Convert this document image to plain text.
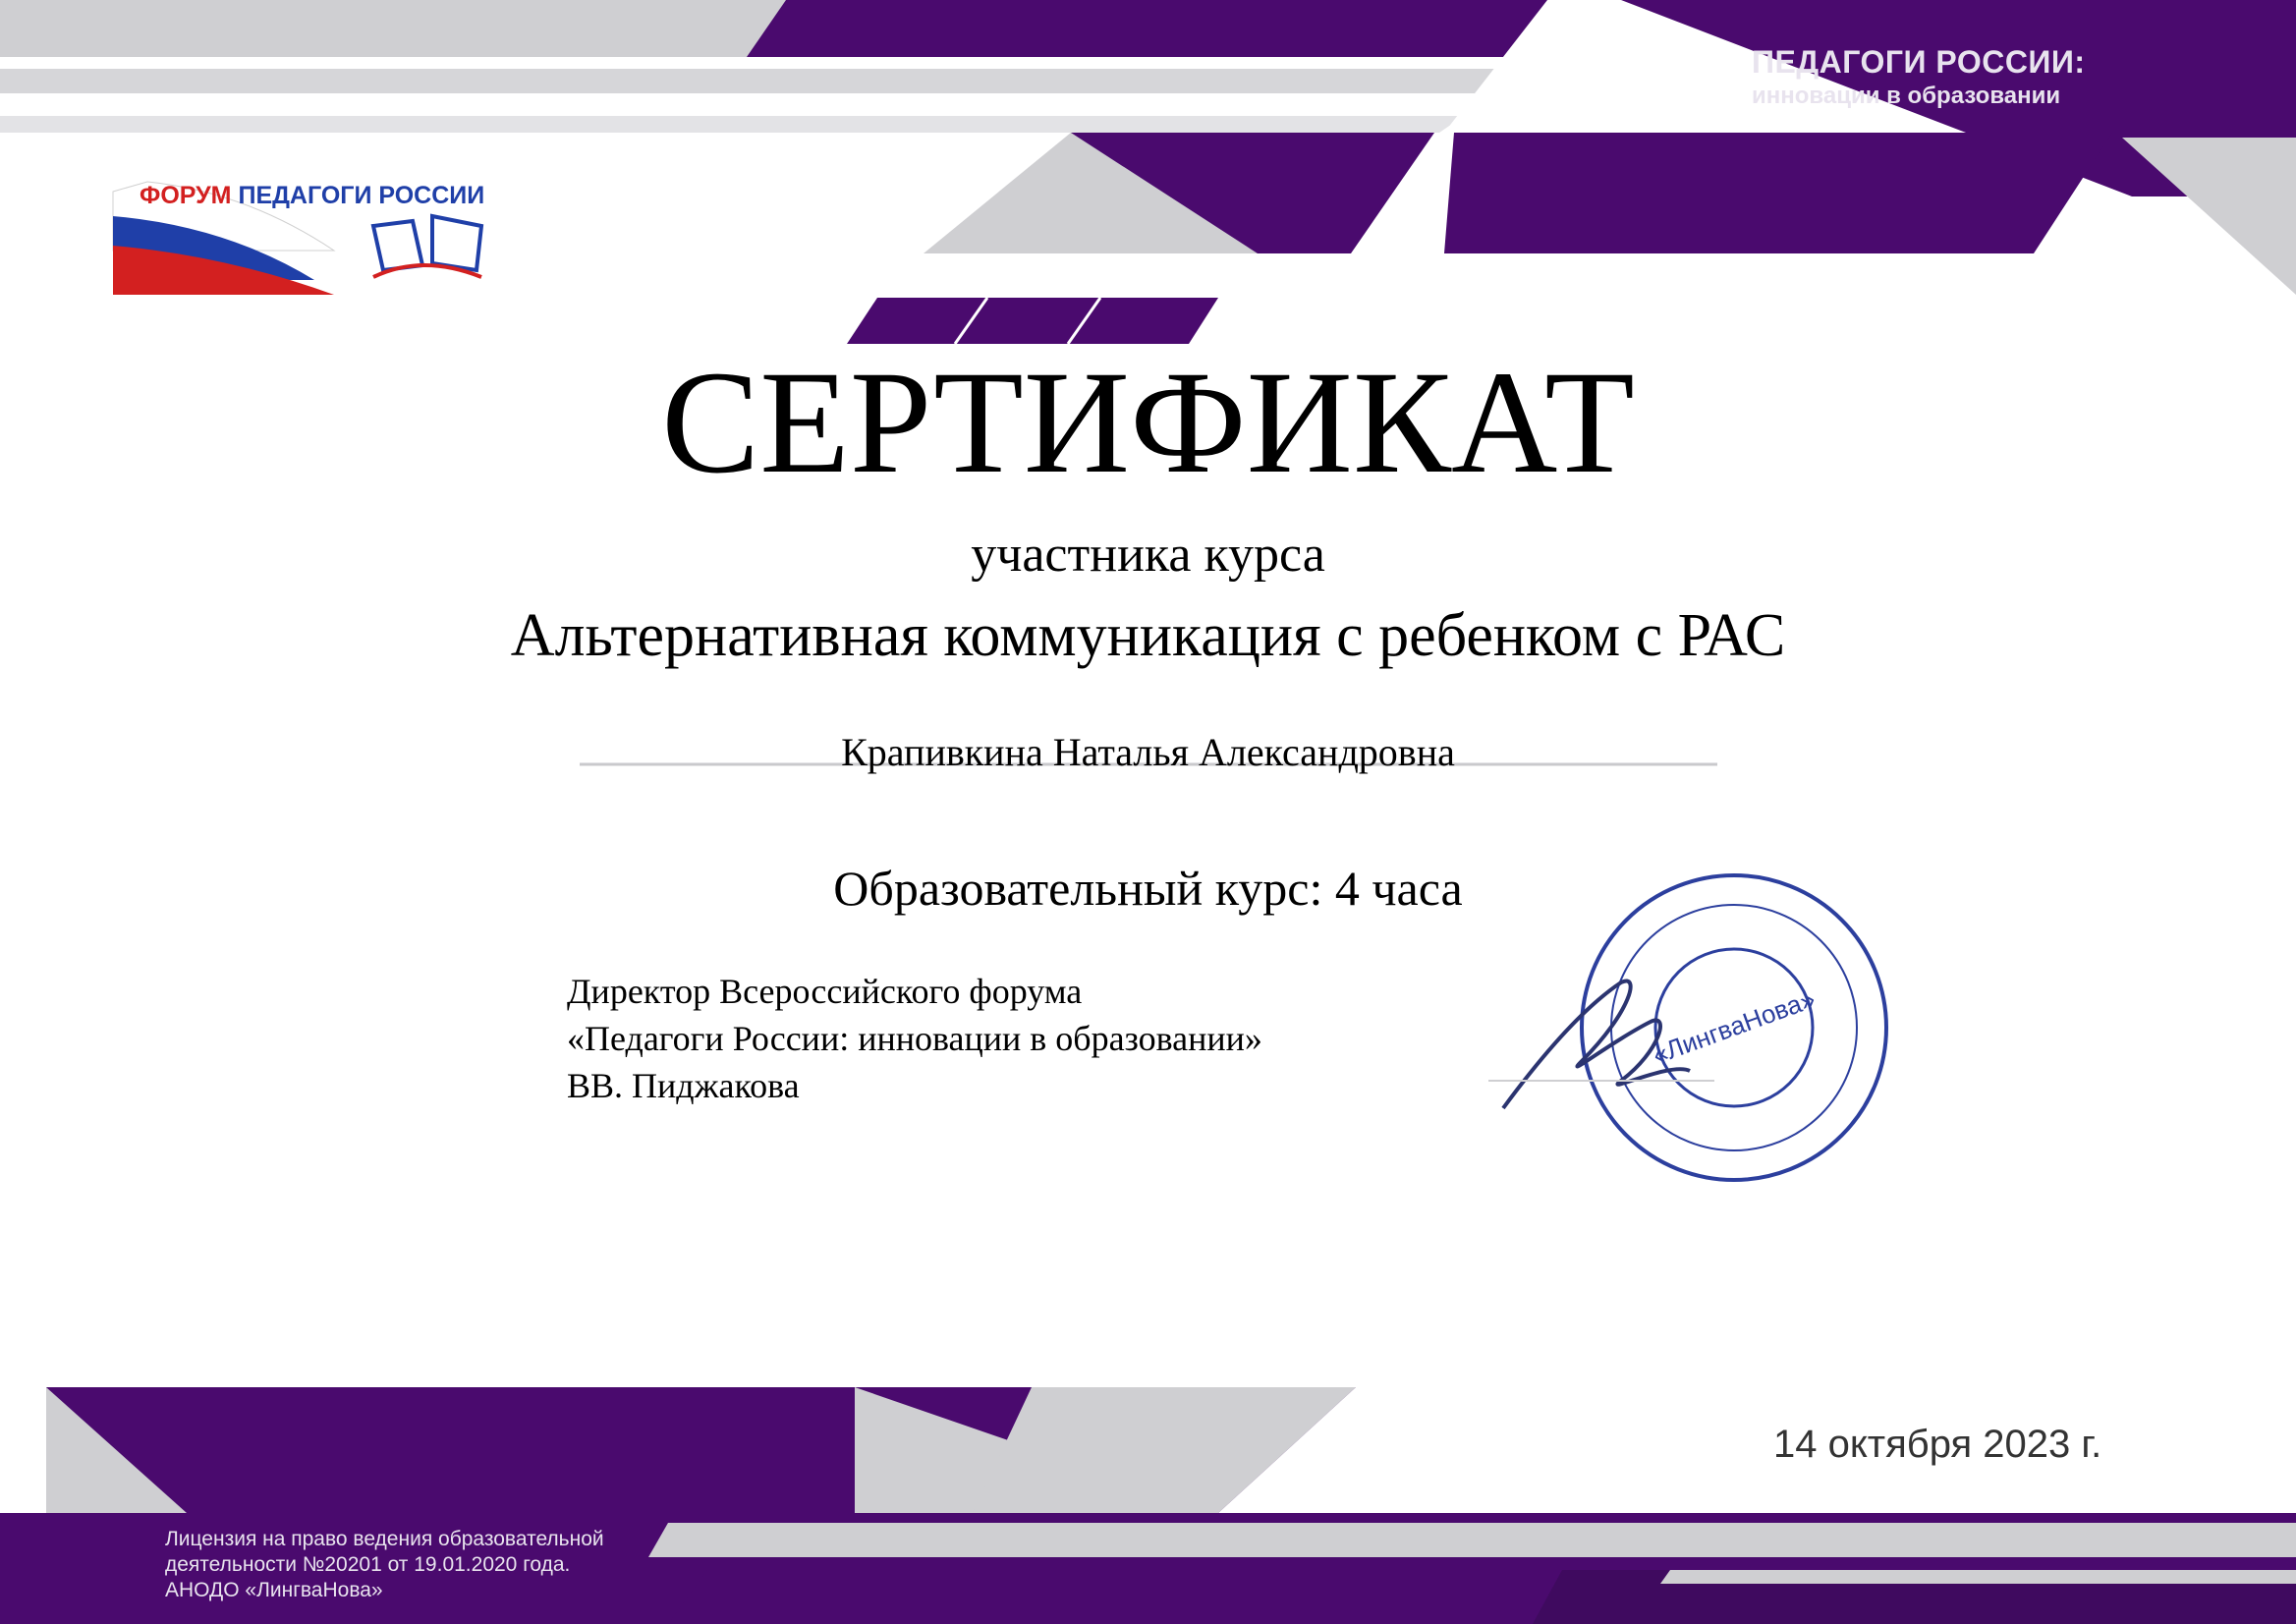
«ЛингваНова»
ПЕДАГОГИ РОССИИ:
инновации в образовании
ФОРУМ ПЕДАГОГИ РОССИИ
СЕРТИФИКАТ
участника курса
Альтернативная коммуникация с ребенком с РАС
Крапивкина Наталья Александровна
Образовательный курс: 4 часа
Директор Всероссийского форума
«Педагоги России: инновации в образовании»
ВВ. Пиджакова
14 октября 2023 г.
Лицензия на право ведения образовательной
деятельности №20201 от 19.01.2020 года.
АНОДО «ЛингваНова»
